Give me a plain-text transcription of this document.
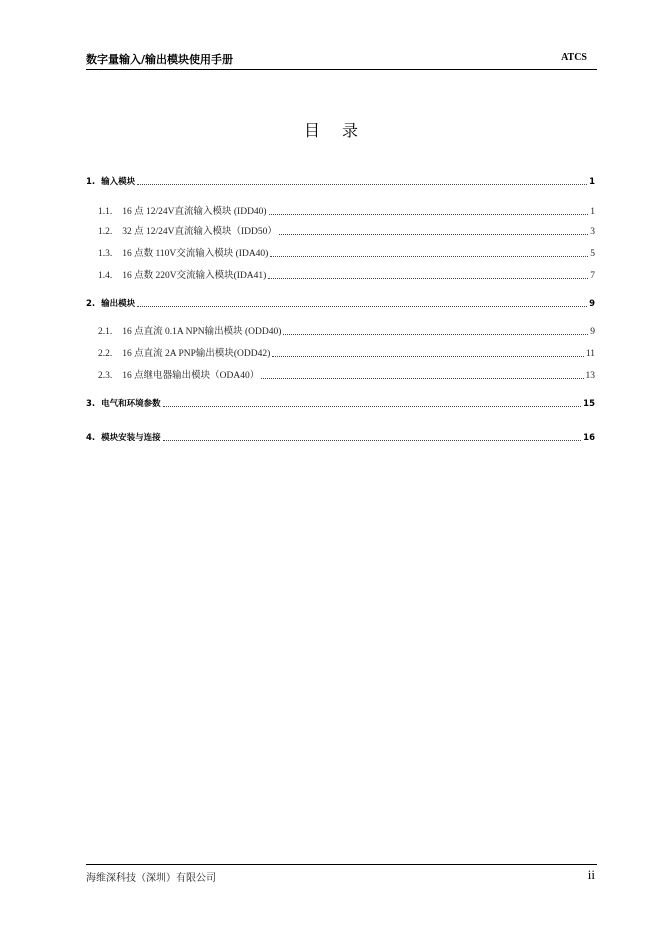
数字量输入/输出模块使用手册	ATCS
目录
1. 输入模块	1
1.1. 16 点 12/24V直流输入模块 (IDD40)	1
1.2. 32 点 12/24V直流输入模块（IDD50）	3
1.3. 16 点数 110V交流输入模块 (IDA40)	5
1.4. 16 点数 220V交流输入模块(IDA41)	7
2. 输出模块	9
2.1. 16 点直流 0.1A NPN输出模块 (ODD40)	9
2.2. 16 点直流 2A PNP输出模块(ODD42)	11
2.3. 16 点继电器输出模块（ODA40）	13
3. 电气和环境参数	15
4. 模块安装与连接	16
海维深科技（深圳）有限公司	ii
